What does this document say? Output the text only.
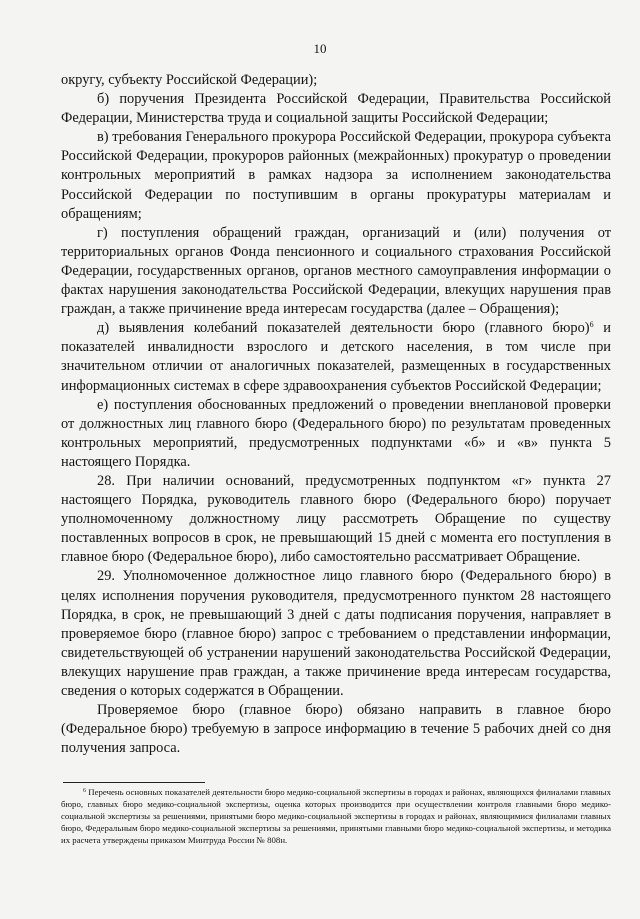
10

округу, субъекту Российской Федерации);

б) поручения Президента Российской Федерации, Правительства Российской Федерации, Министерства труда и социальной защиты Российской Федерации;

в) требования Генерального прокурора Российской Федерации, прокурора субъекта Российской Федерации, прокуроров районных (межрайонных) прокуратур о проведении контрольных мероприятий в рамках надзора за исполнением законодательства Российской Федерации по поступившим в органы прокуратуры материалам и обращениям;

г) поступления обращений граждан, организаций и (или) получения от территориальных органов Фонда пенсионного и социального страхования Российской Федерации, государственных органов, органов местного самоуправления информации о фактах нарушения законодательства Российской Федерации, влекущих нарушения прав граждан, а также причинение вреда интересам государства (далее – Обращения);

д) выявления колебаний показателей деятельности бюро (главного бюро)$^6$ и показателей инвалидности взрослого и детского населения, в том числе при значительном отличии от аналогичных показателей, размещенных в государственных информационных системах в сфере здравоохранения субъектов Российской Федерации;

е) поступления обоснованных предложений о проведении внеплановой проверки от должностных лиц главного бюро (Федерального бюро) по результатам проведенных контрольных мероприятий, предусмотренных подпунктами «б» и «в» пункта 5 настоящего Порядка.

28. При наличии оснований, предусмотренных подпунктом «г» пункта 27 настоящего Порядка, руководитель главного бюро (Федерального бюро) поручает уполномоченному должностному лицу рассмотреть Обращение по существу поставленных вопросов в срок, не превышающий 15 дней с момента его поступления в главное бюро (Федеральное бюро), либо самостоятельно рассматривает Обращение.

29. Уполномоченное должностное лицо главного бюро (Федерального бюро) в целях исполнения поручения руководителя, предусмотренного пунктом 28 настоящего Порядка, в срок, не превышающий 3 дней с даты подписания поручения, направляет в проверяемое бюро (главное бюро) запрос с требованием о представлении информации, свидетельствующей об устранении нарушений законодательства Российской Федерации, влекущих нарушение прав граждан, а также причинение вреда интересам государства, сведения о которых содержатся в Обращении.

Проверяемое бюро (главное бюро) обязано направить в главное бюро (Федеральное бюро) требуемую в запросе информацию в течение 5 рабочих дней со дня получения запроса.

$^6$ Перечень основных показателей деятельности бюро медико-социальной экспертизы в городах и районах, являющихся филиалами главных бюро, главных бюро медико-социальной экспертизы, оценка которых производится при осуществлении контроля главными бюро медико-социальной экспертизы за решениями, принятыми бюро медико-социальной экспертизы в городах и районах, являющимися филиалами главных бюро, Федеральным бюро медико-социальной экспертизы за решениями, принятыми главными бюро медико-социальной экспертизы, и методика их расчета утверждены приказом Минтруда России № 808н.
